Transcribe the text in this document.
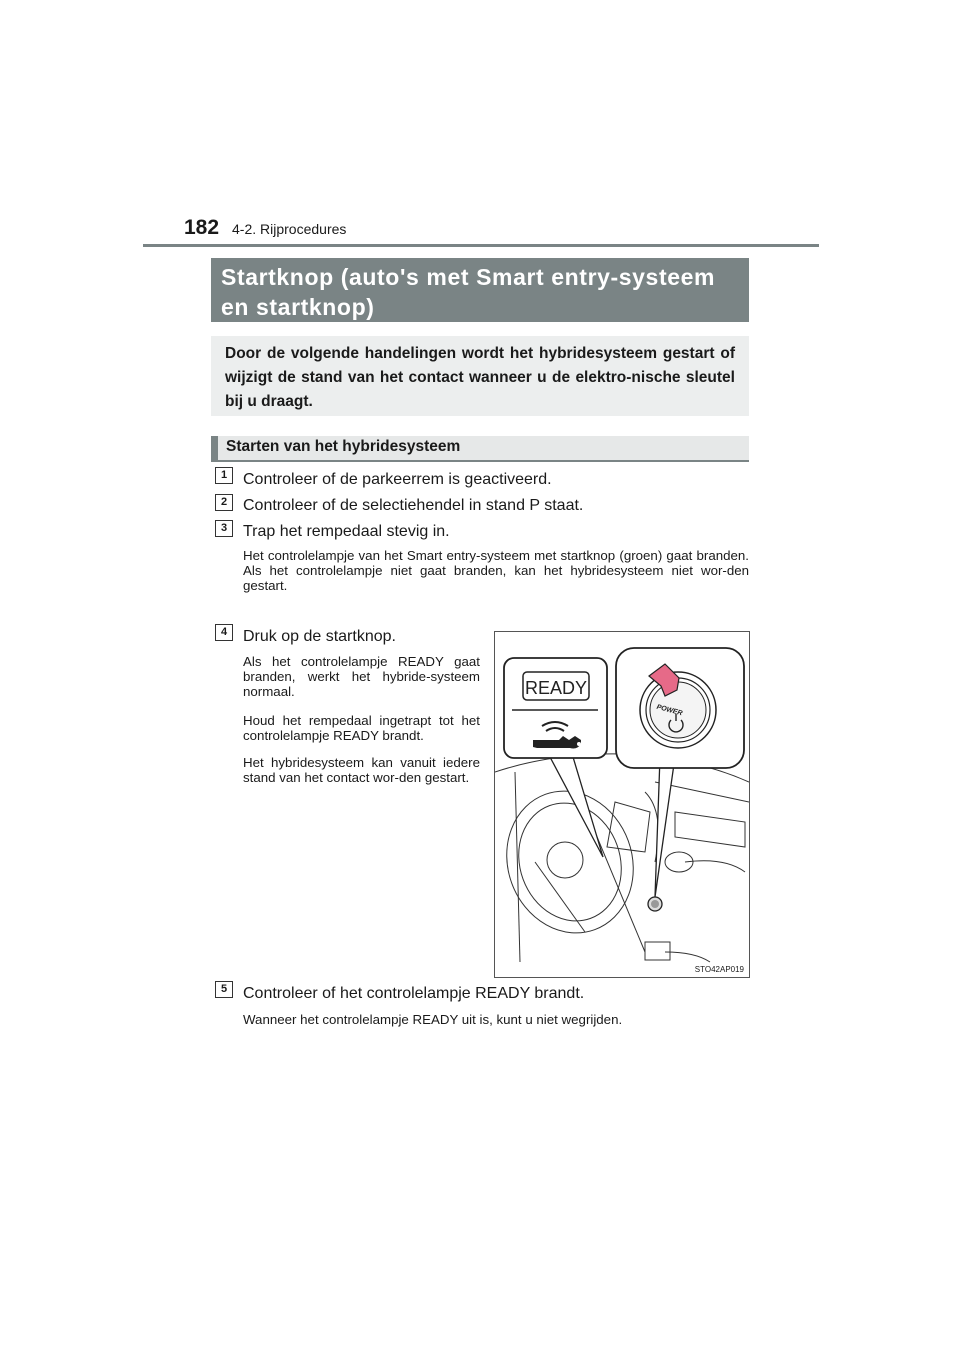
182 4-2. Rijprocedures
Startknop (auto's met Smart entry-systeem en startknop)
Door de volgende handelingen wordt het hybridesysteem gestart of wijzigt de stand van het contact wanneer u de elektro-nische sleutel bij u draagt.
Starten van het hybridesysteem
1 Controleer of de parkeerrem is geactiveerd.
2 Controleer of de selectiehendel in stand P staat.
3 Trap het rempedaal stevig in.
Het controlelampje van het Smart entry-systeem met startknop (groen) gaat branden. Als het controlelampje niet gaat branden, kan het hybridesysteem niet wor-den gestart.
4 Druk op de startknop.
Als het controlelampje READY gaat branden, werkt het hybride-systeem normaal.
Houd het rempedaal ingetrapt tot het controlelampje READY brandt.
Het hybridesysteem kan vanuit iedere stand van het contact wor-den gestart.
READY
POWER
STO42AP019
5 Controleer of het controlelampje READY brandt.
Wanneer het controlelampje READY uit is, kunt u niet wegrijden.
